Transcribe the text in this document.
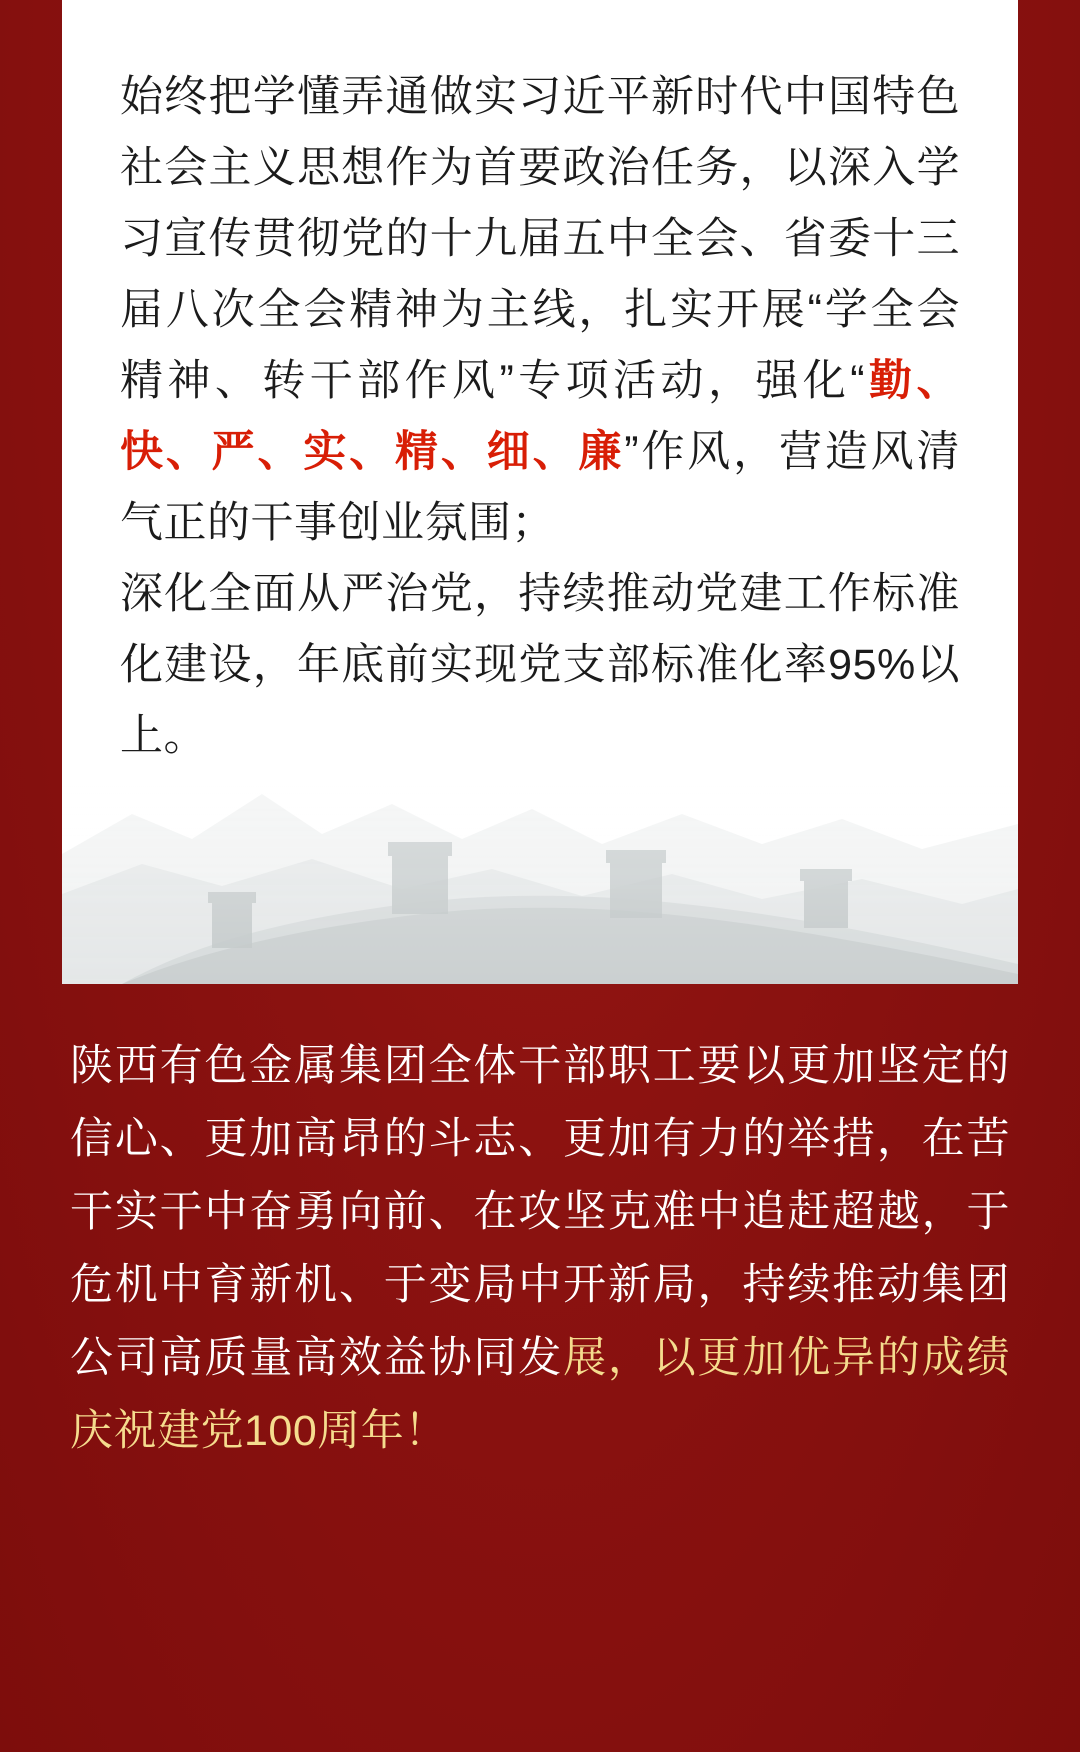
始终把学懂弄通做实习近平新时代中国特色社会主义思想作为首要政治任务，以深入学习宣传贯彻党的十九届五中全会、省委十三届八次全会精神为主线，扎实开展“学全会精神、转干部作风”专项活动，强化“勤、快、严、实、精、细、廉”作风，营造风清气正的干事创业氛围；

深化全面从严治党，持续推动党建工作标准化建设，年底前实现党支部标准化率95%以上。

陕西有色金属集团全体干部职工要以更加坚定的信心、更加高昂的斗志、更加有力的举措，在苦干实干中奋勇向前、在攻坚克难中追赶超越，于危机中育新机、于变局中开新局，持续推动集团公司高质量高效益协同发展，以更加优异的成绩庆祝建党100周年！
